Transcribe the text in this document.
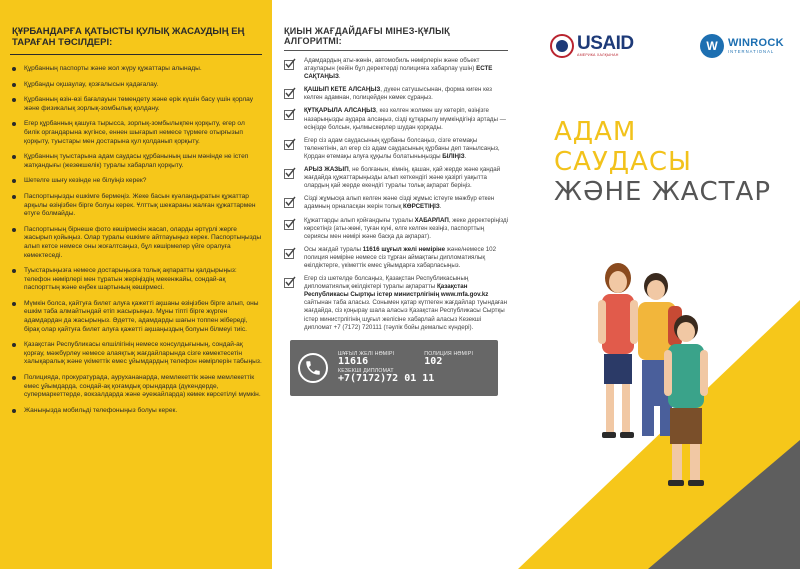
ҚҰРБАНДАРҒА ҚАТЫСТЫ ҚУЛЫҚ ЖАСАУДЫҢ ЕҢ ТАРАҒАН ТӘСІЛДЕРІ:
Құрбанның паспорты және жол жүру құжаттары алынады.
Құрбанды оқшаулау, қозғалысын қадағалау.
Құрбанның өзін-өзі бағалауын төмендету және ерік күшін басу үшін қорлау және физикалық зорлық-зомбылық қолдану.
Егер құрбанның қашуға тырысса, зорлық-зомбылықпен қорқыту, егер ол билік органдарына жүгінсе, еннен шығарып немесе түрмеге отырғызып қорқыту, туыстары мен достарына қул қолданып қорқыту.
Құрбанның туыстарына адам саудасы құрбанының шын мәнінде не істеп жатқандығы (жезөкшелік) туралы хабарлап қорқыту.
Шетелге шығу кезінде не білуіңіз керек?
Паспортыңызды ешкімге бермеңіз. Жеке басын куәландыратын құжаттар арқылы өзіңізбен бірге болуы керек. Ұлттық шекараны жалған құжаттармен өтуге болмайды.
Паспортының бірнеше фото көшірмесін жасап, оларды әртүрлі жерге жасырып қойыңыз. Олар туралы ешкімге айтпауыңыз керек. Паспортыңызды алып кетсе немесе оны жоғалтсаңыз, бұл көшірмелер үйге оралуға көмектеседі.
Туыстарыңызға немесе достарыңызға толық ақпаратты қалдырыңыз: телефон нөмірлері мен тұратын жеріңіздің мекенжайы, сондай-ақ паспорттың және еңбек шартының көшірмесі.
Мүмкін болса, қайтуға билет алуға қажетті ақшаны өзіңізбен бірге алып, оны ешкім таба алмайтындай етіп жасырыңыз. Мұны тіпті бірге жүрген адамдардан да жасырыңыз. Әдетте, адамдарды шағын топпен жібереді, бірақ олар қайтуға билет алуға қажетті ақшаңыздың болуын білмеуі тиіс.
Қазақстан Республикасы елшілігінің немесе консулдығының, сондай-ақ қорғау, мәжбүрлеу немесе алаяқтық жағдайларында сізге көмектесетін халықаралық және үкіметтік емес ұйымдардың телефон нөмірлерін табыңыз.
Полицияда, прокуратурада, аурухананарда, мемлекеттік және мемлекеттік емес ұйымдарда, сондай-ақ қоғамдық орындарда (дүкендерде, супермаркеттерде, вокзалдарда және әуежайларда) көмек көрсетілуі мүмкін.
Жаныңызда мобильді телефоныңыз болуы керек.
ҚИЫН ЖАҒДАЙДАҒЫ МІНЕЗ-ҚҰЛЫҚ АЛГОРИТМІ:
Адамдардың аты-жөнін, автомобиль нөмірлерін және объект атауларын (кейін бұл деректерді полицияға хабарлау үшін) ЕСТЕ САҚТАҢЫЗ.
ҚАШЫП КЕТЕ АЛСАҢЫЗ, дүкен сатушысынан, форма киген кез келген адамнан, полицейден көмек сұраңыз.
ҚҰТҚАРЫЛА АЛСАҢЫЗ, кез келген жолмен шу көтеріп, өзіңізге назарыңызды аудара алсаңыз, сізді құтқарылу мүмкіндігіңіз артады — есіңізде болсын, қылмыскерлер шудан қорқады.
Егер сіз адам саудасының құрбаны болсаңыз, сізге өтемақы төленетінін, ал егер сіз адам саудасының құрбаны деп танылсаңыз, Қордан өтемақы алуға құқылы болатыныңызды БІЛІҢІЗ.
АРЫЗ ЖАЗЫП, не болғанын, кімнің, қашан, қай жерде және қандай жағдайда құжаттарыңызды алып кеткендігі және қазіргі уақытта олардың қай жерде екендігі туралы толық ақпарат беріңіз.
Сізді жұмысқа алып келген және сізді жұмыс істеуге мәжбүр еткен адамның орналасқан жерін толық КӨРСЕТІҢІЗ.
Құжаттарды алып қойғандығы туралы ХАБАРЛАП, жеке деректеріңізді көрсетіңіз (аты-жөні, туған күні, елге келген кезіңіз, паспорттың сериясы мен нөмірі және басқа да ақпарат).
Осы жағдай туралы 11616 шұғыл желі нөміріне және/немесе 102 полиция нөміріне немесе сіз тұрған аймақтағы дипломатиялық өкілдіктерге, үкіметтік емес ұйымдарға хабарласыңыз.
Егер сіз шетелде болсаңыз, Қазақстан Республикасының дипломатиялық өкілдіктері туралы ақпаратты Қазақстан Республикасы Сыртқы істер министрлігінің www.mfa.gov.kz сайтынан таба аласыз. Сонымен қатар күтпеген жағдайлар туындаған жағдайда, сіз қоңырау шала аласыз Қазақстан Республикасы Сыртқы істер министрлігінің шұғыл желісіне хабарлай аласыз Кезекші дипломат +7 (7172) 720111 (тәулік бойы демалыс күндері).
ШҰҒЫЛ ЖЕЛІ НӨМІРІ
11616
ПОЛИЦИЯ НӨМІРІ
102
КЕЗЕКШІ ДИПЛОМАТ
+7(7172)72 01 11
USAID
АМЕРИКА ХАЛҚЫНАН
W WINROCK
INTERNATIONAL
АДАМ
САУДАСЫ
ЖӘНЕ ЖАСТАР
